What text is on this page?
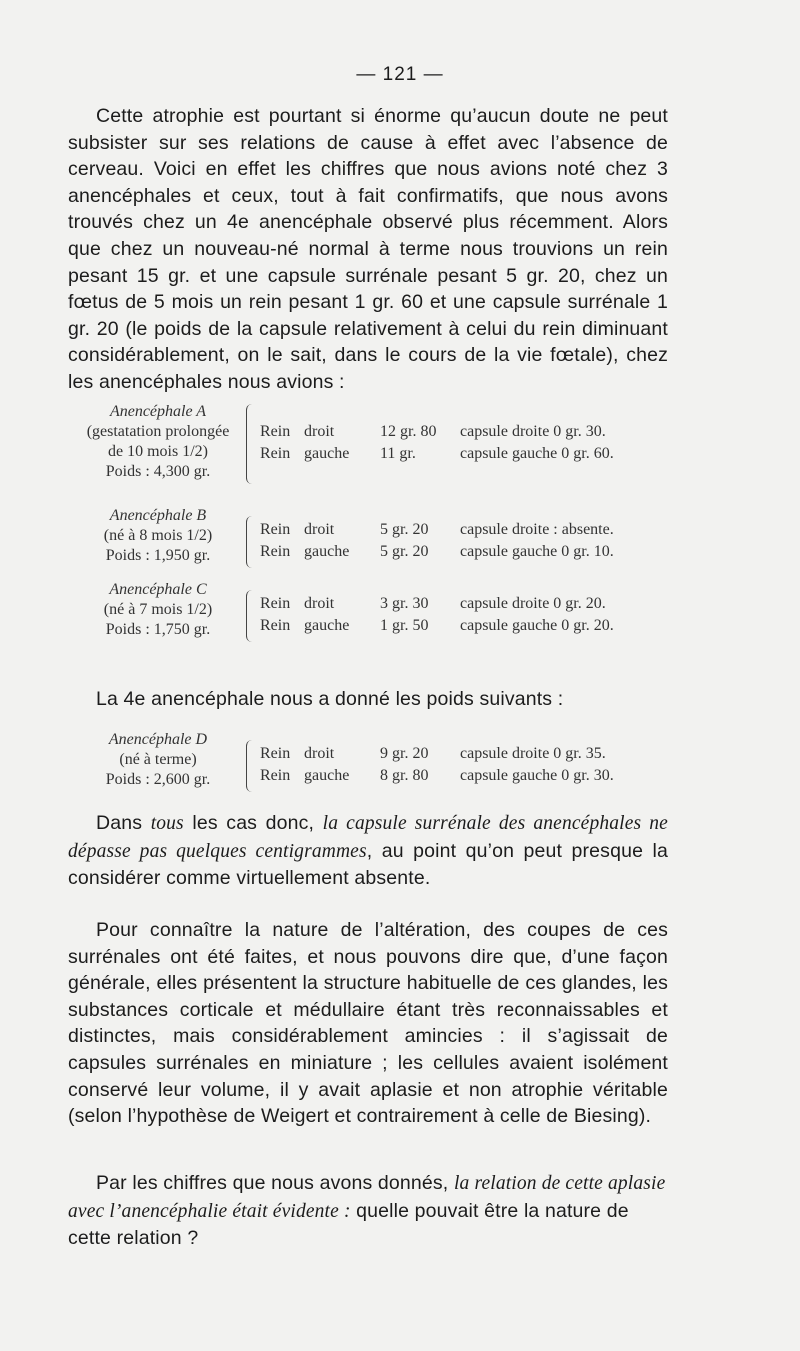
— 121 —

Cette atrophie est pourtant si énorme qu’aucun doute ne peut subsister sur ses relations de cause à effet avec l’absence de cerveau. Voici en effet les chiffres que nous avions noté chez 3 anencéphales et ceux, tout à fait confirmatifs, que nous avons trouvés chez un 4e anencéphale observé plus récemment. Alors que chez un nouveau-né normal à terme nous trouvions un rein pesant 15 gr. et une capsule surrénale pesant 5 gr. 20, chez un fœtus de 5 mois un rein pesant 1 gr. 60 et une capsule surrénale 1 gr. 20 (le poids de la capsule relativement à celui du rein diminuant considérablement, on le sait, dans le cours de la vie fœtale), chez les anencéphales nous avions :

Anencéphale A
(gestatation prolongée
de 10 mois 1/2)
Poids : 4,300 gr.
Rein droit	12 gr. 80 capsule droite 0 gr. 30.
Rein gauche 11 gr.	capsule gauche 0 gr. 60.
Anencéphale B
(né à 8 mois 1/2)
Poids : 1,950 gr.
Rein droit	5 gr. 20 capsule droite : absente.
Rein gauche 5 gr. 20 capsule gauche 0 gr. 10.
Anencéphale C
(né à 7 mois 1/2)
Poids : 1,750 gr.
Rein droit	3 gr. 30 capsule droite 0 gr. 20.
Rein gauche 1 gr. 50 capsule gauche 0 gr. 20.

La 4e anencéphale nous a donné les poids suivants :

Anencéphale D
(né à terme)
Poids : 2,600 gr.
Rein droit	9 gr. 20 capsule droite 0 gr. 35.
Rein gauche 8 gr. 80 capsule gauche 0 gr. 30.

Dans tous les cas donc, la capsule surrénale des anencéphales ne dépasse pas quelques centigrammes, au point qu’on peut presque la considérer comme virtuellement absente.

Pour connaître la nature de l’altération, des coupes de ces surrénales ont été faites, et nous pouvons dire que, d’une façon générale, elles présentent la structure habituelle de ces glandes, les substances corticale et médullaire étant très reconnaissables et distinctes, mais considérablement amincies : il s’agissait de capsules surrénales en miniature ; les cellules avaient isolément conservé leur volume, il y avait aplasie et non atrophie véritable (selon l’hypothèse de Weigert et contrairement à celle de Biesing).

Par les chiffres que nous avons donnés, la relation de cette aplasie avec l’anencéphalie était évidente : quelle pouvait être la nature de cette relation ?
